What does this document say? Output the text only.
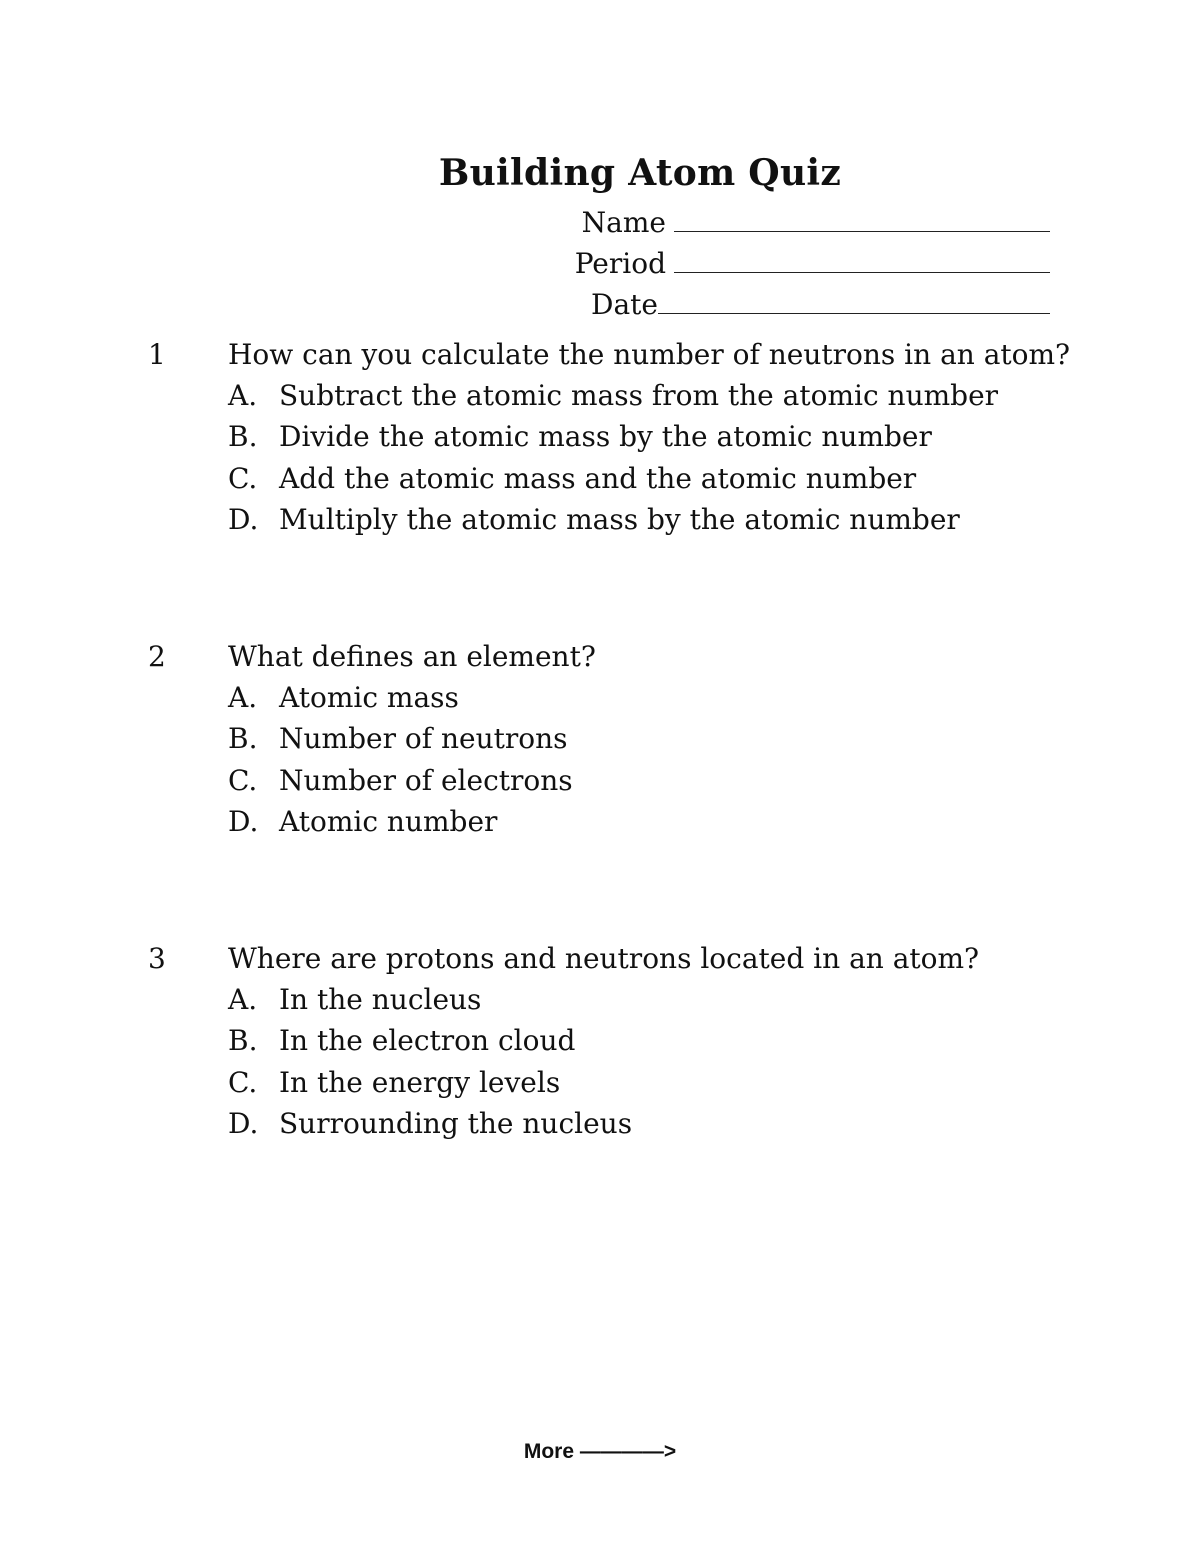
Building Atom Quiz
Name
Period
Date
1	How can you calculate the number of neutrons in an atom?
A. Subtract the atomic mass from the atomic number
B. Divide the atomic mass by the atomic number
C. Add the atomic mass and the atomic number
D. Multiply the atomic mass by the atomic number
2	What defines an element?
A. Atomic mass
B. Number of neutrons
C. Number of electrons
D. Atomic number
3	Where are protons and neutrons located in an atom?
A. In the nucleus
B. In the electron cloud
C. In the energy levels
D. Surrounding the nucleus
More ————>
